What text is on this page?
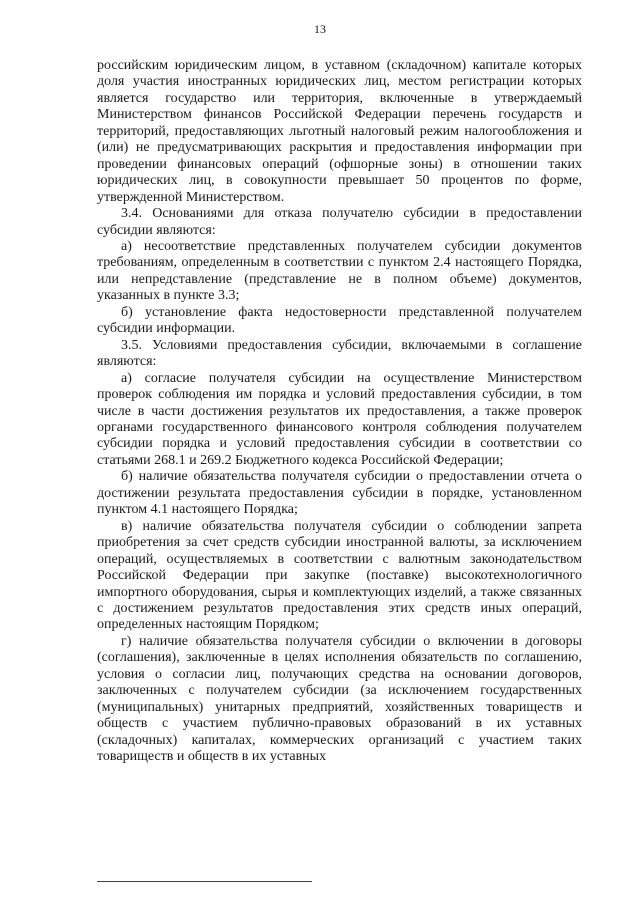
13

российским юридическим лицом, в уставном (складочном) капитале которых доля участия иностранных юридических лиц, местом регистрации которых является государство или территория, включенные в утверждаемый Министерством финансов Российской Федерации перечень государств и территорий, предоставляющих льготный налоговый режим налогообложения и (или) не предусматривающих раскрытия и предоставления информации при проведении финансовых операций (офшорные зоны) в отношении таких юридических лиц, в совокупности превышает 50 процентов по форме, утвержденной Министерством.

3.4. Основаниями для отказа получателю субсидии в предоставлении субсидии являются:

а) несоответствие представленных получателем субсидии документов требованиям, определенным в соответствии с пунктом 2.4 настоящего Порядка, или непредставление (представление не в полном объеме) документов, указанных в пункте 3.3;

б) установление факта недостоверности представленной получателем субсидии информации.

3.5. Условиями предоставления субсидии, включаемыми в соглашение являются:

а) согласие получателя субсидии на осуществление Министерством проверок соблюдения им порядка и условий предоставления субсидии, в том числе в части достижения результатов их предоставления, а также проверок органами государственного финансового контроля соблюдения получателем субсидии порядка и условий предоставления субсидии в соответствии со статьями 268.1 и 269.2 Бюджетного кодекса Российской Федерации;

б) наличие обязательства получателя субсидии о предоставлении отчета о достижении результата предоставления субсидии в порядке, установленном пунктом 4.1 настоящего Порядка;

в) наличие обязательства получателя субсидии о соблюдении запрета приобретения за счет средств субсидии иностранной валюты, за исключением операций, осуществляемых в соответствии с валютным законодательством Российской Федерации при закупке (поставке) высокотехнологичного импортного оборудования, сырья и комплектующих изделий, а также связанных с достижением результатов предоставления этих средств иных операций, определенных настоящим Порядком;

г) наличие обязательства получателя субсидии о включении в договоры (соглашения), заключенные в целях исполнения обязательств по соглашению, условия о согласии лиц, получающих средства на основании договоров, заключенных с получателем субсидии (за исключением государственных (муниципальных) унитарных предприятий, хозяйственных товариществ и обществ с участием публично-правовых образований в их уставных (складочных) капиталах, коммерческих организаций с участием таких товариществ и обществ в их уставных
